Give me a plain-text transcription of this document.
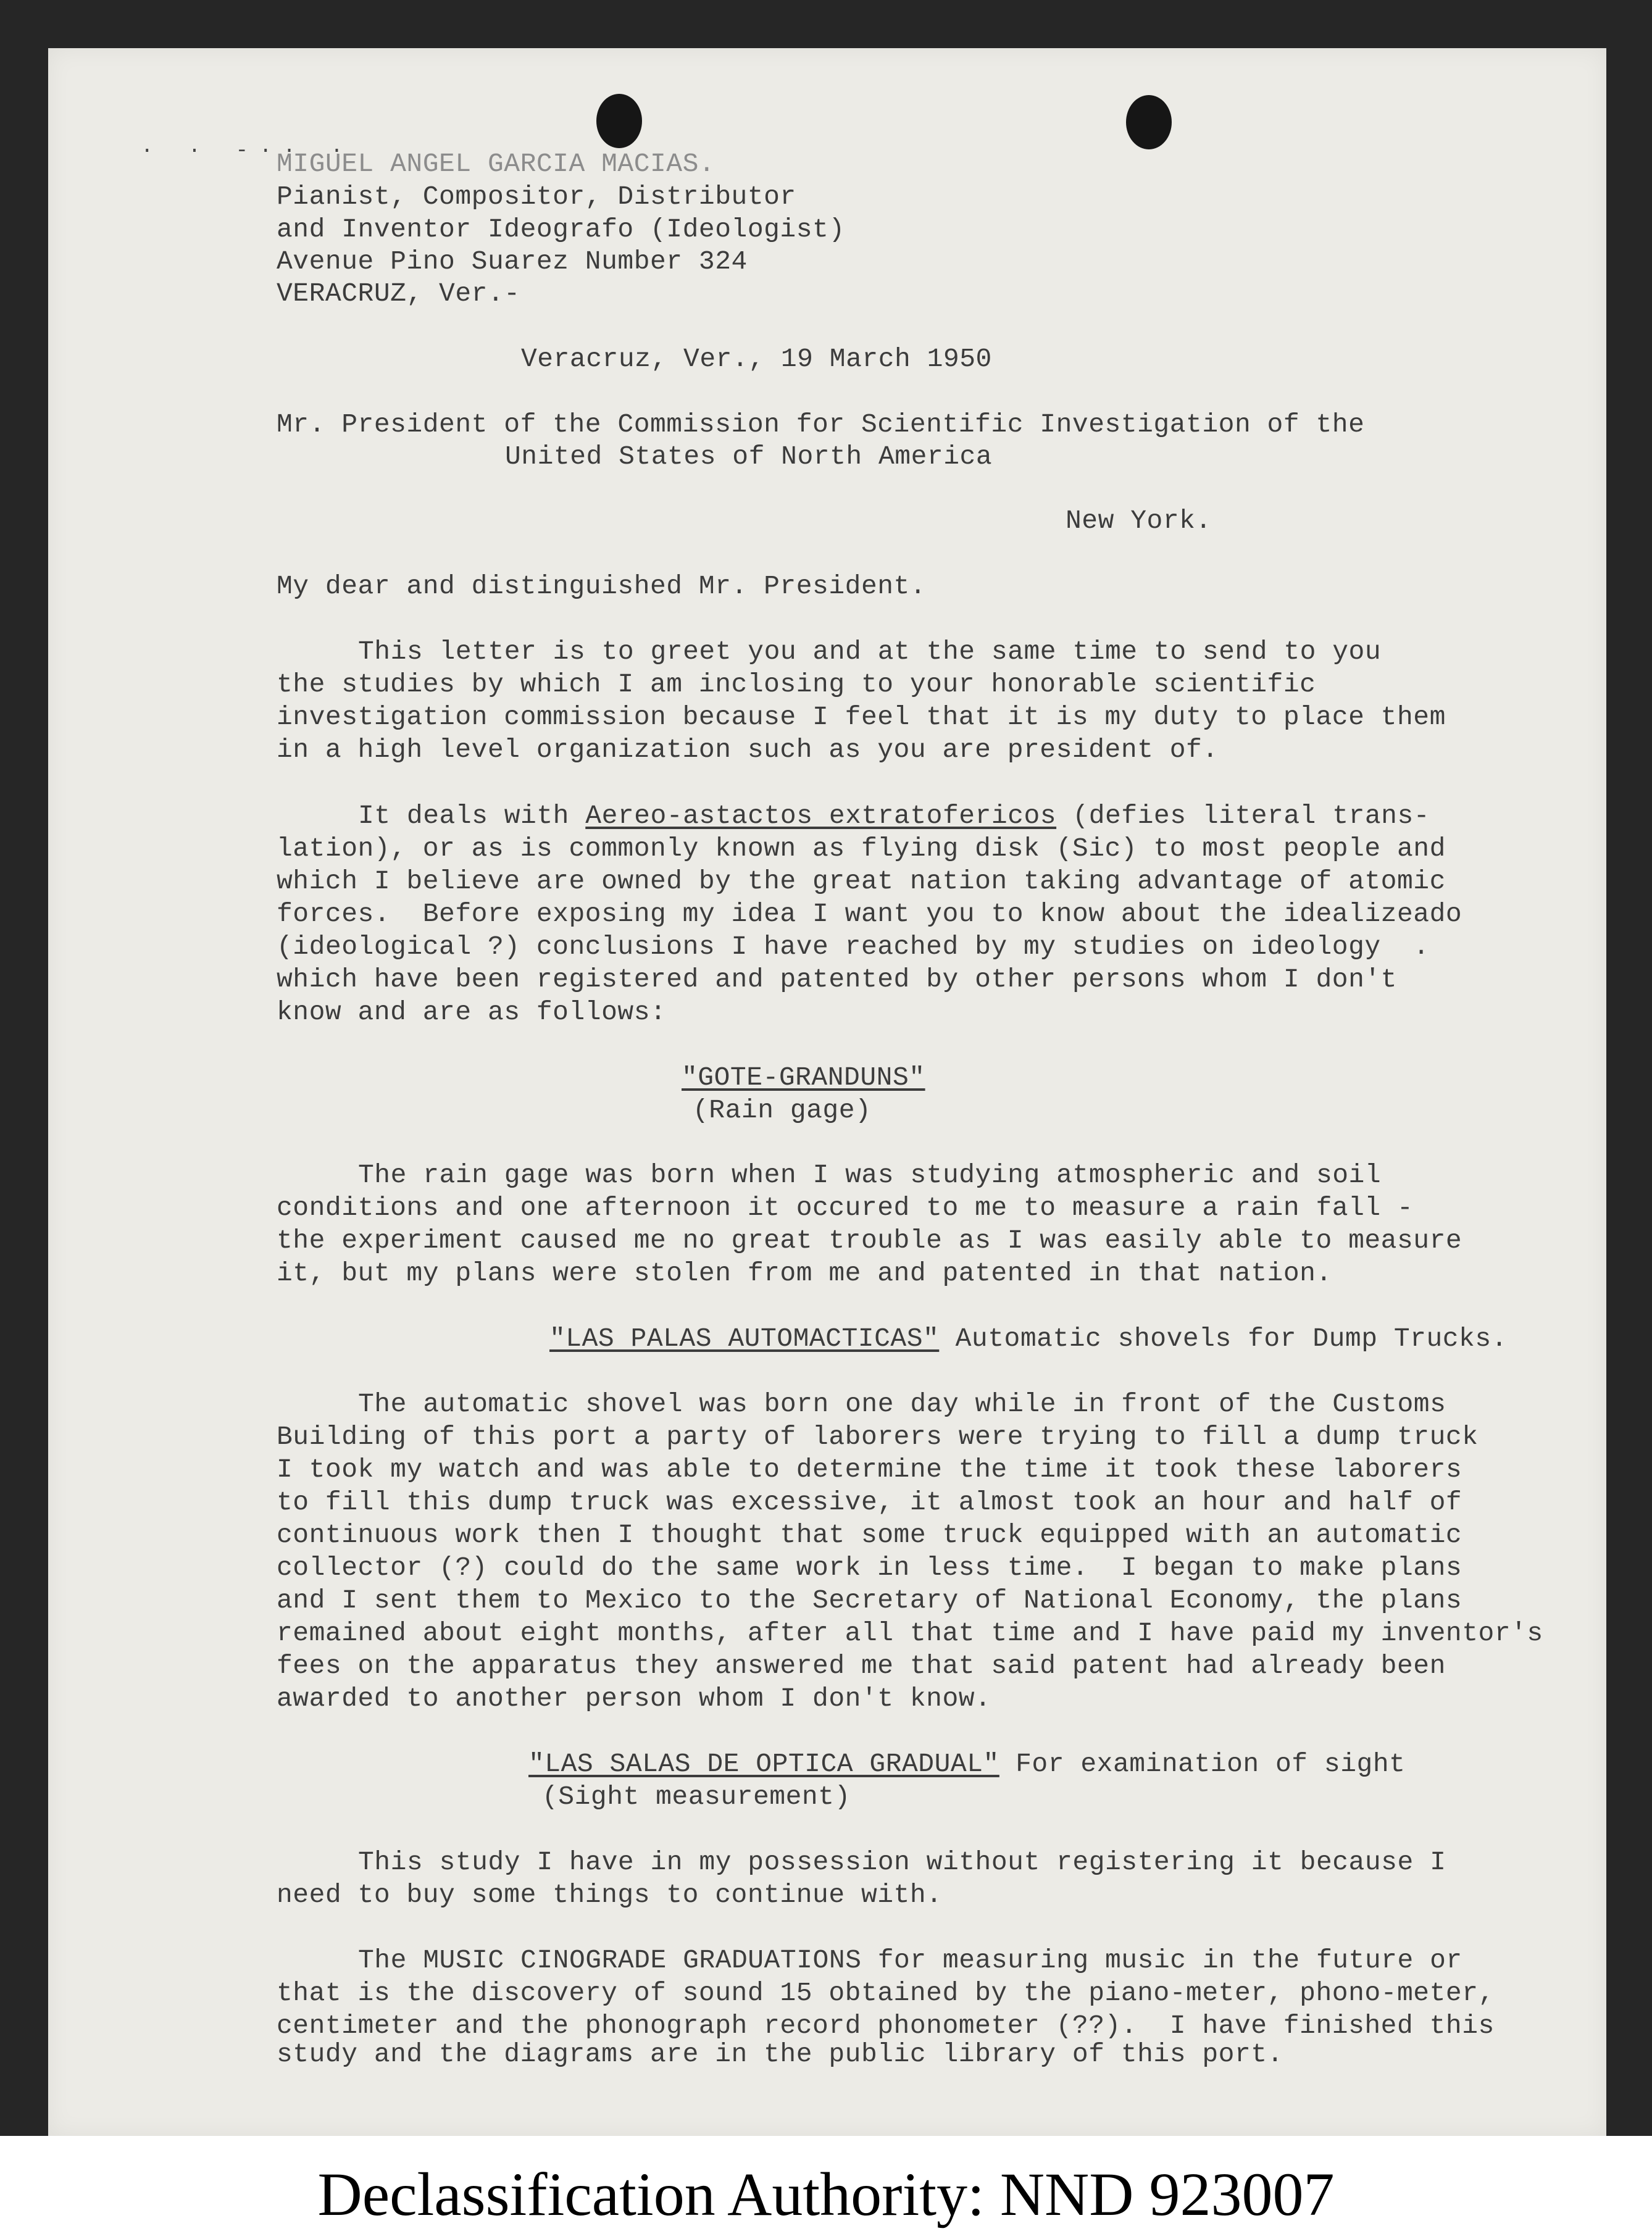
· · -·· ·
MIGUEL ANGEL GARCIA MACIAS.
Pianist, Compositor, Distributor
and Inventor Ideografo (Ideologist)
Avenue Pino Suarez Number 324
VERACRUZ, Ver.-
Veracruz, Ver., 19 March 1950
Mr. President of the Commission for Scientific Investigation of the
United States of North America
New York.
My dear and distinguished Mr. President.
This letter is to greet you and at the same time to send to you
the studies by which I am inclosing to your honorable scientific
investigation commission because I feel that it is my duty to place them
in a high level organization such as you are president of.
It deals with Aereo-astactos extratofericos (defies literal trans-
lation), or as is commonly known as flying disk (Sic) to most people and
which I believe are owned by the great nation taking advantage of atomic
forces.  Before exposing my idea I want you to know about the idealizeado
(ideological ?) conclusions I have reached by my studies on ideology  .
which have been registered and patented by other persons whom I don't
know and are as follows:
"GOTE-GRANDUNS"
(Rain gage)
The rain gage was born when I was studying atmospheric and soil
conditions and one afternoon it occured to me to measure a rain fall -
the experiment caused me no great trouble as I was easily able to measure
it, but my plans were stolen from me and patented in that nation.
"LAS PALAS AUTOMACTICAS" Automatic shovels for Dump Trucks.
The automatic shovel was born one day while in front of the Customs
Building of this port a party of laborers were trying to fill a dump truck
I took my watch and was able to determine the time it took these laborers
to fill this dump truck was excessive, it almost took an hour and half of
continuous work then I thought that some truck equipped with an automatic
collector (?) could do the same work in less time.  I began to make plans
and I sent them to Mexico to the Secretary of National Economy, the plans
remained about eight months, after all that time and I have paid my inventor's
fees on the apparatus they answered me that said patent had already been
awarded to another person whom I don't know.
"LAS SALAS DE OPTICA GRADUAL" For examination of sight
(Sight measurement)
This study I have in my possession without registering it because I
need to buy some things to continue with.
The MUSIC CINOGRADE GRADUATIONS for measuring music in the future or
that is the discovery of sound 15 obtained by the piano-meter, phono-meter,
centimeter and the phonograph record phonometer (??).  I have finished this
study and the diagrams are in the public library of this port.
Declassification Authority: NND 923007
